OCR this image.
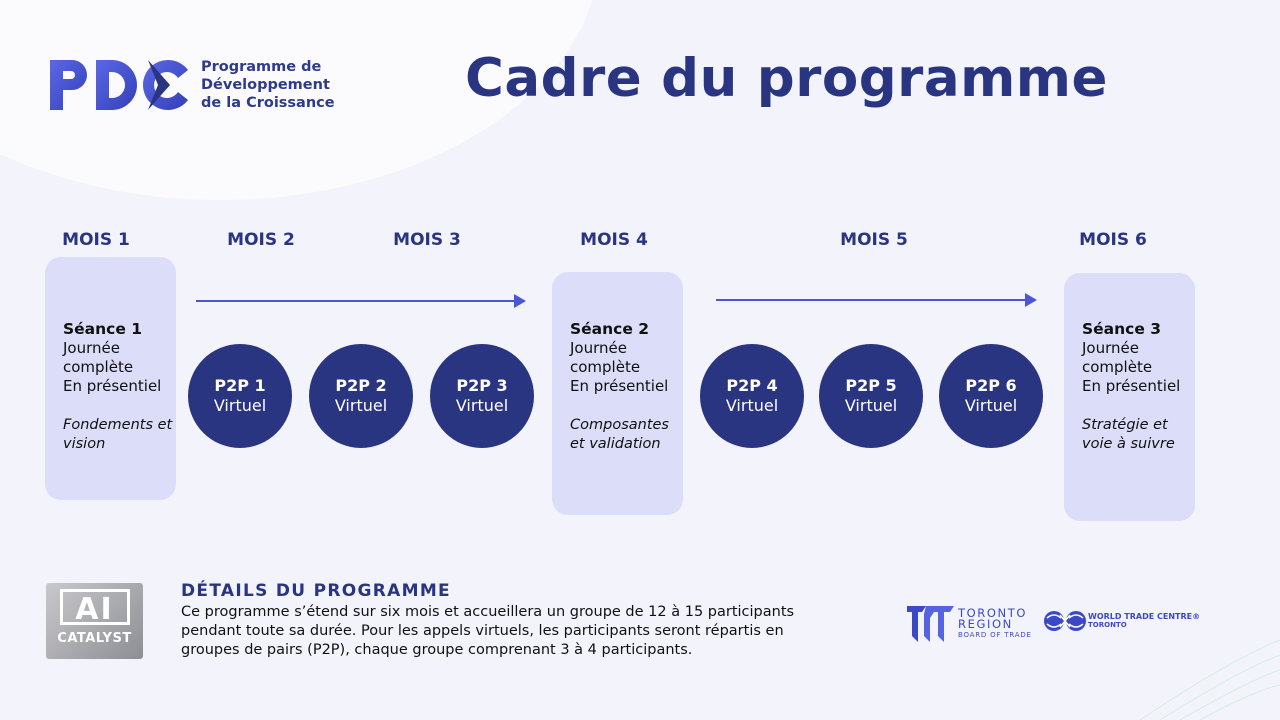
Programme de
Développement
de la Croissance Cadre du programme

MOIS 1	MOIS 2	MOIS 3	MOIS 4	MOIS 5	MOIS 6

Séance 1

Journée

complète

En présentiel

Fondements et vision

Séance 2

Journée

complète

En présentiel

Composantes et validation

Séance 3

Journée

complète

En présentiel

Stratégie et voie à suivre

P2P 1
Virtuel
P2P 2
Virtuel
P2P 3
Virtuel
P2P 4
Virtuel
P2P 5
Virtuel
P2P 6
Virtuel
AI
CATALYST
DÉTAILS DU PROGRAMME

Ce programme s’étend sur six mois et accueillera un groupe de 12 à 15 participants pendant toute sa durée. Pour les appels virtuels, les participants seront répartis en groupes de pairs (P2P), chaque groupe comprenant 3 à 4 participants.

TORONTO
REGION
BOARD OF TRADE
WORLD TRADE CENTRE®
TORONTO
